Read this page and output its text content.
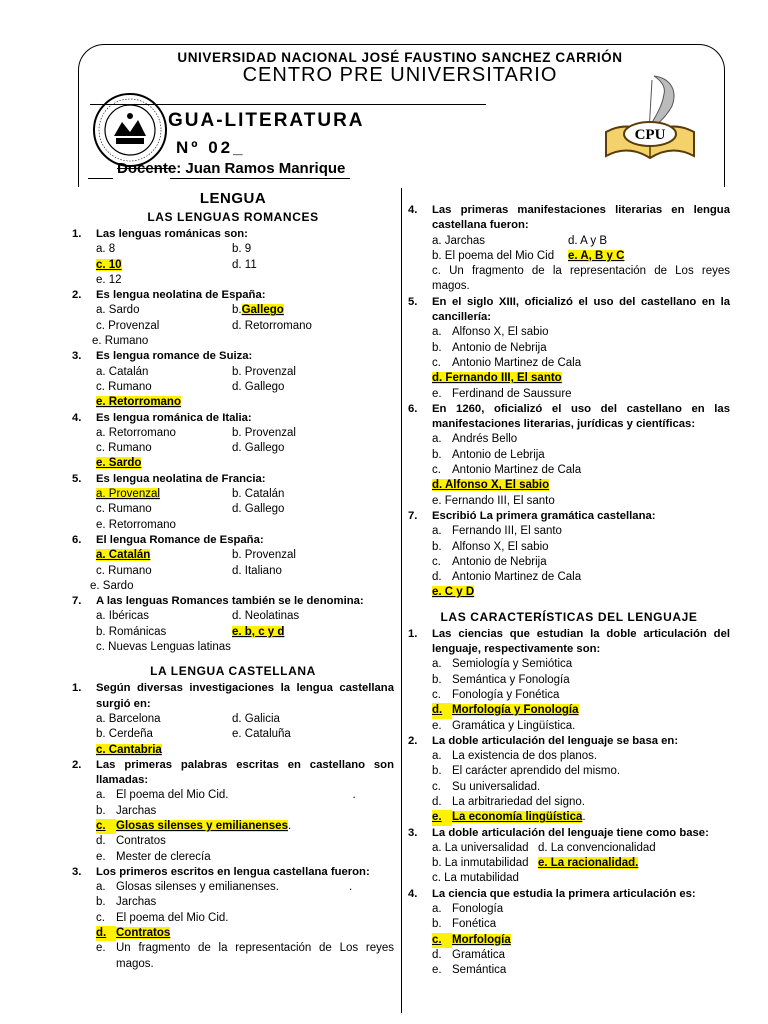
UNIVERSIDAD NACIONAL JOSÉ FAUSTINO SANCHEZ CARRIÓN
CENTRO PRE UNIVERSITARIO
CPU
GUA-LITERATURA
Nº 02_
Docente: Juan Ramos Manrique
LENGUA
LAS LENGUAS ROMANCES
1.	Las lenguas románicas son:
a. 8	b. 9
c. 10	d. 11
e. 12
2.	Es lengua neolatina de España:
a. Sardo	b.Gallego
c. Provenzal	d. Retorromano
e. Rumano
3.	Es lengua romance de Suiza:
a. Catalán	b. Provenzal
c. Rumano	d. Gallego
e. Retorromano
4.	Es lengua románica de Italia:
a. Retorromano	b. Provenzal
c. Rumano	d. Gallego
e. Sardo
5.	Es lengua neolatina de Francia:
a. Provenzal	b. Catalán
c. Rumano	d. Gallego
e. Retorromano
6.	El lengua Romance de España:
a. Catalán	b. Provenzal
c. Rumano	d. Italiano
e. Sardo
7.	A las lenguas Romances también se le denomina:
a. Ibéricas	d. Neolatinas
b. Románicas	e. b, c y d
c. Nuevas Lenguas latinas
LA LENGUA CASTELLANA
1.	Según diversas investigaciones la lengua castellana surgió en:
a. Barcelona	d. Galicia
b. Cerdeña	e. Cataluña
c. Cantabria
2.	Las primeras palabras escritas en castellano son llamadas:
a. El poema del Mio Cid.	.
b. Jarchas
c. Glosas silenses y emilianenses.
d. Contratos
e. Mester de clerecía
3.	Los primeros escritos en lengua castellana fueron:
a. Glosas silenses y emilianenses.	.
b. Jarchas
c. El poema del Mio Cid.
d. Contratos
e. Un fragmento de la representación de Los reyes magos.
4.	Las primeras manifestaciones literarias en lengua castellana fueron:
a. Jarchas	d. A y B
b. El poema del Mio Cid	e. A, B y C
c. Un fragmento de la representación de Los reyes magos.
5.	En el siglo XIII, oficializó el uso del castellano en la cancillería:
a. Alfonso X, El sabio
b. Antonio de Nebrija
c. Antonio Martinez de Cala
d. Fernando III, El santo
e. Ferdinand de Saussure
6.	En 1260, oficializó el uso del castellano en las manifestaciones literarias, jurídicas y científicas:
a. Andrés Bello
b. Antonio de Lebrija
c. Antonio Martinez de Cala
d. Alfonso X, El sabio
e. Fernando III, El santo
7.	Escribió La primera gramática castellana:
a. Fernando III, El santo
b. Alfonso X, El sabio
c. Antonio de Nebrija
d. Antonio Martinez de Cala
e. C y D
LAS CARACTERÍSTICAS DEL LENGUAJE
1.	Las ciencias que estudian la doble articulación del lenguaje, respectivamente son:
a. Semiología y Semiótica
b. Semántica y Fonología
c. Fonología y Fonética
d. Morfología y Fonología
e. Gramática y Lingüística.
2.	La doble articulación del lenguaje se basa en:
a. La existencia de dos planos.
b. El carácter aprendido del mismo.
c. Su universalidad.
d. La arbitrariedad del signo.
e. La economía lingüística.
3.	La doble articulación del lenguaje tiene como base:
a. La universalidad d. La convencionalidad
b. La inmutabilidad e. La racionalidad.
c. La mutabilidad
4.	La ciencia que estudia la primera articulación es:
a. Fonología
b. Fonética
c. Morfología
d. Gramática
e. Semántica
